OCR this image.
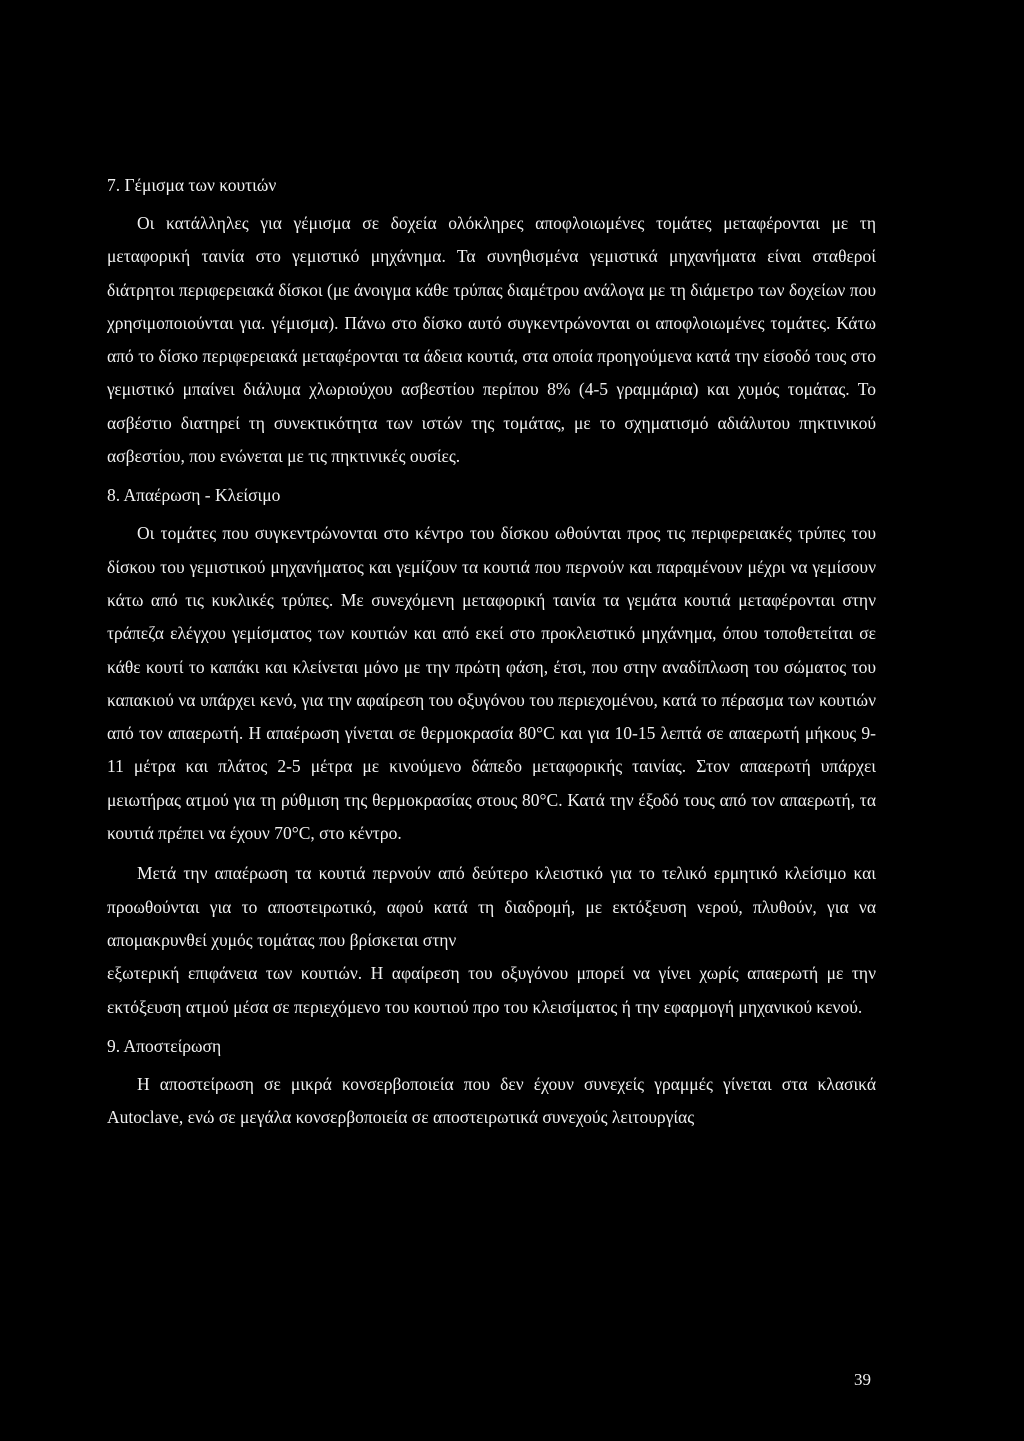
7. Γέμισμα των κουτιών

Οι κατάλληλες για γέμισμα σε δοχεία ολόκληρες αποφλοιωμένες τομάτες μεταφέρονται με τη μεταφορική ταινία στο γεμιστικό μηχάνημα. Τα συνηθισμένα γεμιστικά μηχανήματα είναι σταθεροί διάτρητοι περιφερειακά δίσκοι (με άνοιγμα κάθε τρύπας διαμέτρου ανάλογα με τη διάμετρο των δοχείων που χρησιμοποιούνται για. γέμισμα). Πάνω στο δίσκο αυτό συγκεντρώνονται οι αποφλοιωμένες τομάτες. Κάτω από το δίσκο περιφερειακά μεταφέρονται τα άδεια κουτιά, στα οποία προηγούμενα κατά την είσοδό τους στο γεμιστικό μπαίνει διάλυμα χλωριούχου ασβεστίου περίπου 8% (4-5 γραμμάρια) και χυμός τομάτας. Το ασβέστιο διατηρεί τη συνεκτικότητα των ιστών της τομάτας, με το σχηματισμό αδιάλυτου πηκτινικού ασβεστίου, που ενώνεται με τις πηκτινικές ουσίες.

8. Απαέρωση - Κλείσιμο

Οι τομάτες που συγκεντρώνονται στο κέντρο του δίσκου ωθούνται προς τις περιφερειακές τρύπες του δίσκου του γεμιστικού μηχανήματος και γεμίζουν τα κουτιά που περνούν και παραμένουν μέχρι να γεμίσουν κάτω από τις κυκλικές τρύπες. Με συνεχόμενη μεταφορική ταινία τα γεμάτα κουτιά μεταφέρονται στην τράπεζα ελέγχου γεμίσματος των κουτιών και από εκεί στο προκλειστικό μηχάνημα, όπου τοποθετείται σε κάθε κουτί το καπάκι και κλείνεται μόνο με την πρώτη φάση, έτσι, που στην αναδίπλωση του σώματος του καπακιού να υπάρχει κενό, για την αφαίρεση του οξυγόνου του περιεχομένου, κατά το πέρασμα των κουτιών από τον απαερωτή. Η απαέρωση γίνεται σε θερμοκρασία 80°C και για 10-15 λεπτά σε απαερωτή μήκους 9-11 μέτρα και πλάτος 2-5 μέτρα με κινούμενο δάπεδο μεταφορικής ταινίας. Στον απαερωτή υπάρχει μειωτήρας ατμού για τη ρύθμιση της θερμοκρασίας στους 80°C. Κατά την έξοδό τους από τον απαερωτή, τα κουτιά πρέπει να έχουν 70°C, στο κέντρο.

Μετά την απαέρωση τα κουτιά περνούν από δεύτερο κλειστικό για το τελικό ερμητικό κλείσιμο και προωθούνται για το αποστειρωτικό, αφού κατά τη διαδρομή, με εκτόξευση νερού, πλυθούν, για να απομακρυνθεί χυμός τομάτας που βρίσκεται στην

εξωτερική επιφάνεια των κουτιών. Η αφαίρεση του οξυγόνου μπορεί να γίνει χωρίς απαερωτή με την εκτόξευση ατμού μέσα σε περιεχόμενο του κουτιού προ του κλεισίματος ή την εφαρμογή μηχανικού κενού.

9. Αποστείρωση

Η αποστείρωση σε μικρά κονσερβοποιεία που δεν έχουν συνεχείς γραμμές γίνεται στα κλασικά Autoclave, ενώ σε μεγάλα κονσερβοποιεία σε αποστειρωτικά συνεχούς λειτουργίας

39
